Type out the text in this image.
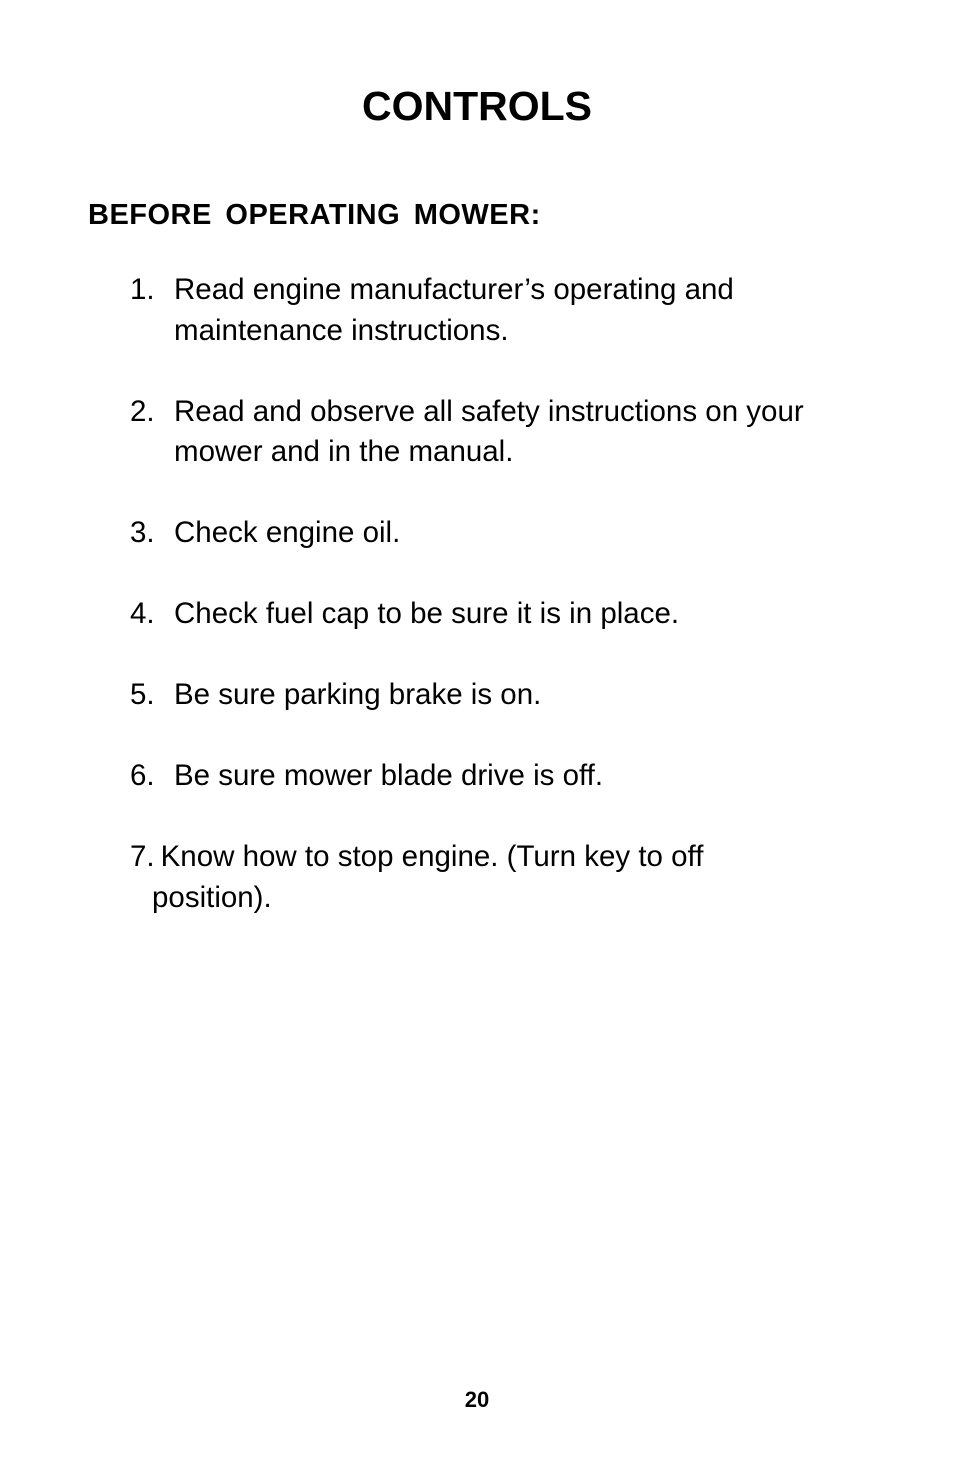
CONTROLS
BEFORE OPERATING MOWER:
1. Read engine manufacturer’s operating and maintenance instructions.
2. Read and observe all safety instructions on your mower and in the manual.
3. Check engine oil.
4. Check fuel cap to be sure it is in place.
5. Be sure parking brake is on.
6. Be sure mower blade drive is off.
7. Know how to stop engine. (Turn key to off
position).
20
